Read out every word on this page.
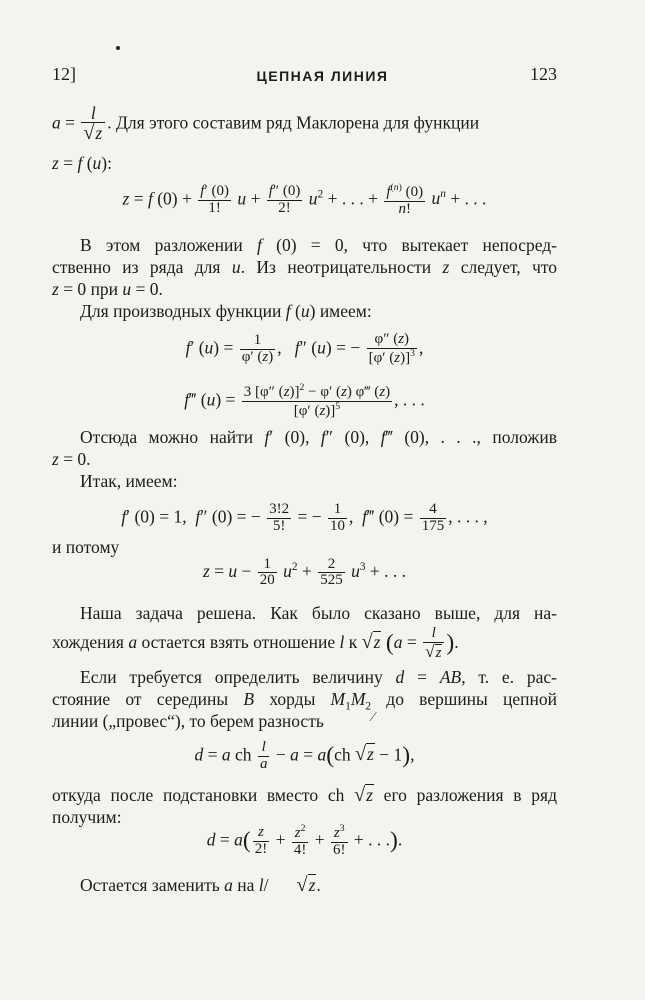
12]	ЦЕПНАЯ ЛИНИЯ	123
$a = \frac{l}{√z}$ . Для этого составим ряд Маклорена для функции
z = f (u):
z = f $(0) + \frac{f' (0)}{1!}$ $u + \frac{f'' (0)}{2!} u^2$ + . . . + $\frac{f^{(n)} (0)}{n!} u^n$ + . . .
В этом разложении f (0) = 0, что вытекает непосред-
ственно из ряда для u. Из неотрицательности z следует, что
z = 0 при u = 0.
Для производных функции f (u) имеем:
f′ $(u) = \frac{1}{\varphi' (z)}$ ,   f″ (u) = − $\frac{\varphi'' (z)}{[\varphi' (z)]^3}$ ,
f‴ $(u) = \frac{3 [\varphi'' (z)]^2 - \varphi' (z) \varphi‴ (z)}{[\varphi' (z)]^5}$ , . . .
Отсюда можно найти f′ (0), f″ (0), f‴ (0), . . ., положив
z = 0.
Итак, имеем:
f′ (0) = 1,  f″ (0) = − $\frac{3!2}{5!}$ = − $\frac{1}{10}$ ,  f‴ $(0) = \frac{4}{175}$ , . . . ,
и потому
$z = u - \frac{1}{20} u^2 + \frac{2}{525} u^3$ + . . .
Наша задача решена. Как было сказано выше, для на-
хождения a остается взять отношение l к √z ($a = \frac{l}{√z}$ ).
Если требуется определить величину d = AB, т. е. рас-
стояние от середины B хорды $M_1M_2$ до вершины цепной
линии („провес“), то берем разность	⁄
d = a ch $\frac{l}{a} - a = a(ch$ √z − 1),
откуда после подстановки вместо ch √z его разложения в ряд
получим:
$d = a( \frac{z}{2!} + \frac{z^2}{4!} + \frac{z^3}{6!}$ + . . .).
Остается заменить a на l/ √z.
